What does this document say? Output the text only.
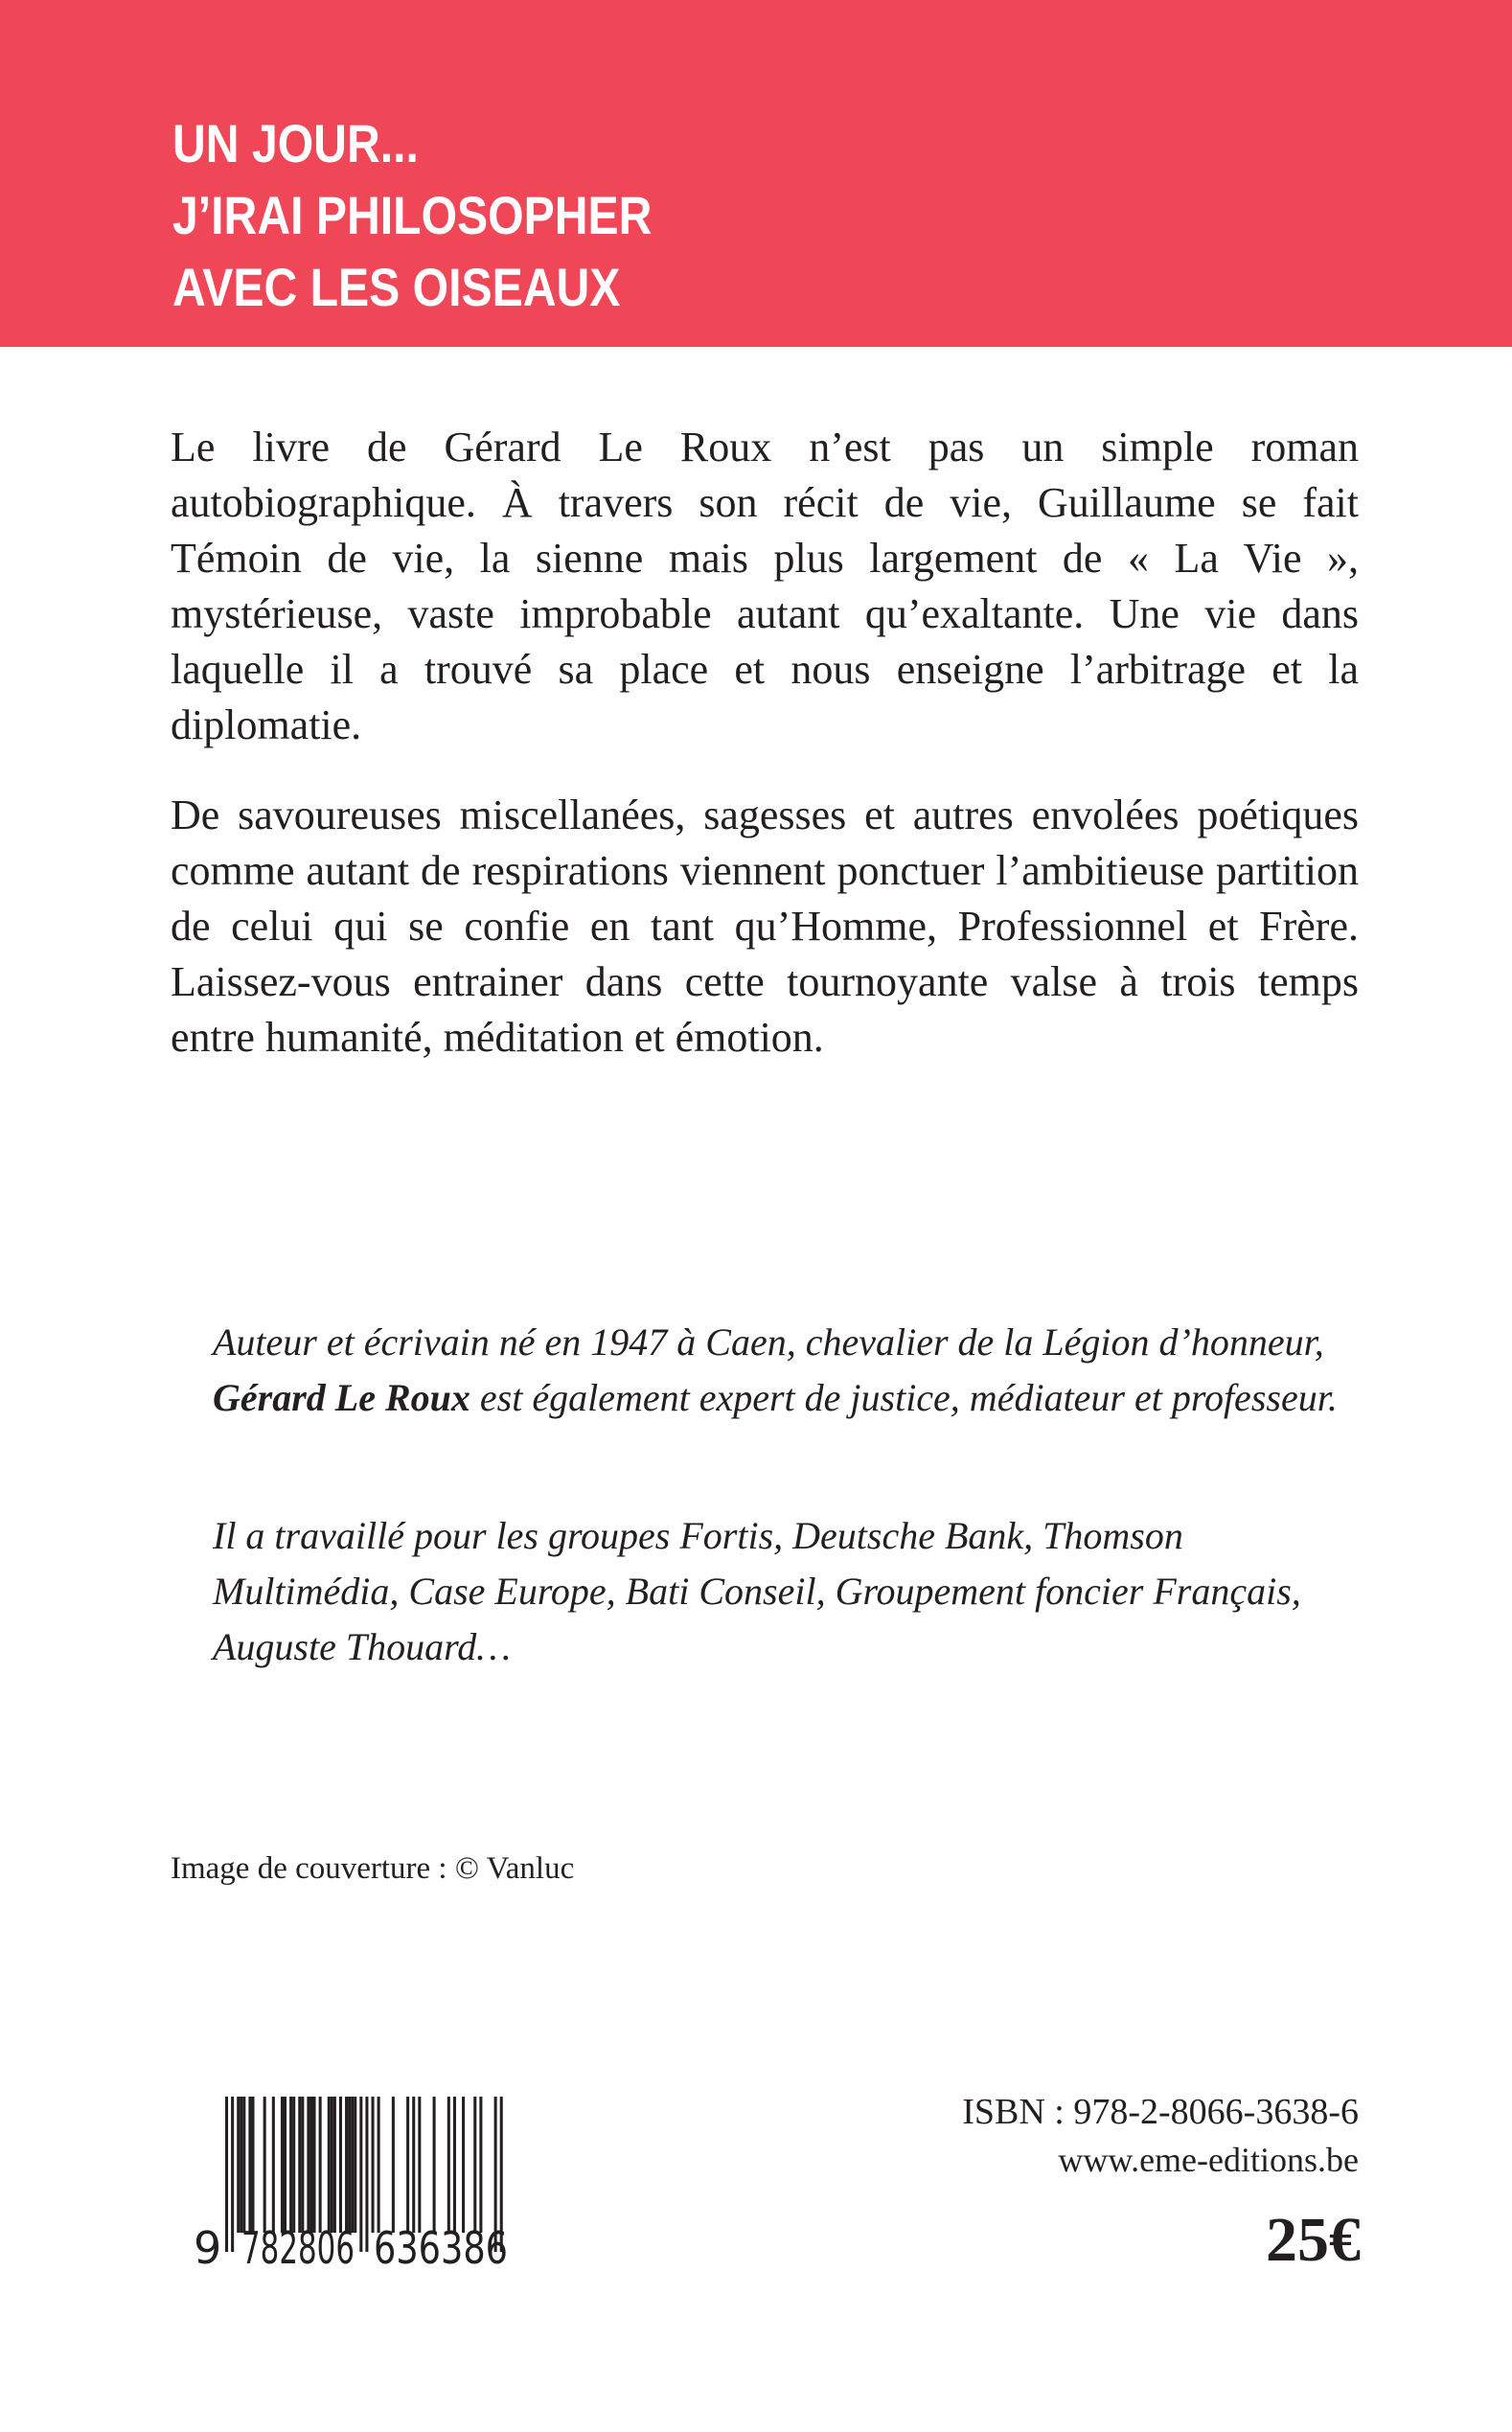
UN JOUR...
J’IRAI PHILOSOPHER
AVEC LES OISEAUX

Le livre de Gérard Le Roux n’est pas un simple roman autobiographique. À travers son récit de vie, Guillaume se fait Témoin de vie, la sienne mais plus largement de « La Vie », mystérieuse, vaste improbable autant qu’exaltante. Une vie dans laquelle il a trouvé sa place et nous enseigne l’arbitrage et la diplomatie.

De savoureuses miscellanées, sagesses et autres envolées poétiques comme autant de respirations viennent ponctuer l’ambitieuse partition de celui qui se confie en tant qu’Homme, Professionnel et Frère. Laissez-vous entrainer dans cette tournoyante valse à trois temps entre humanité, méditation et émotion.

Auteur et écrivain né en 1947 à Caen, chevalier de la Légion d’honneur, Gérard Le Roux est également expert de justice, médiateur et professeur.

Il a travaillé pour les groupes Fortis, Deutsche Bank, Thomson Multimédia, Case Europe, Bati Conseil, Groupement foncier Français, Auguste Thouard…

Image de couverture : © Vanluc

9 782806 636386

ISBN : 978-2-8066-3638-6

www.eme-editions.be

25€
